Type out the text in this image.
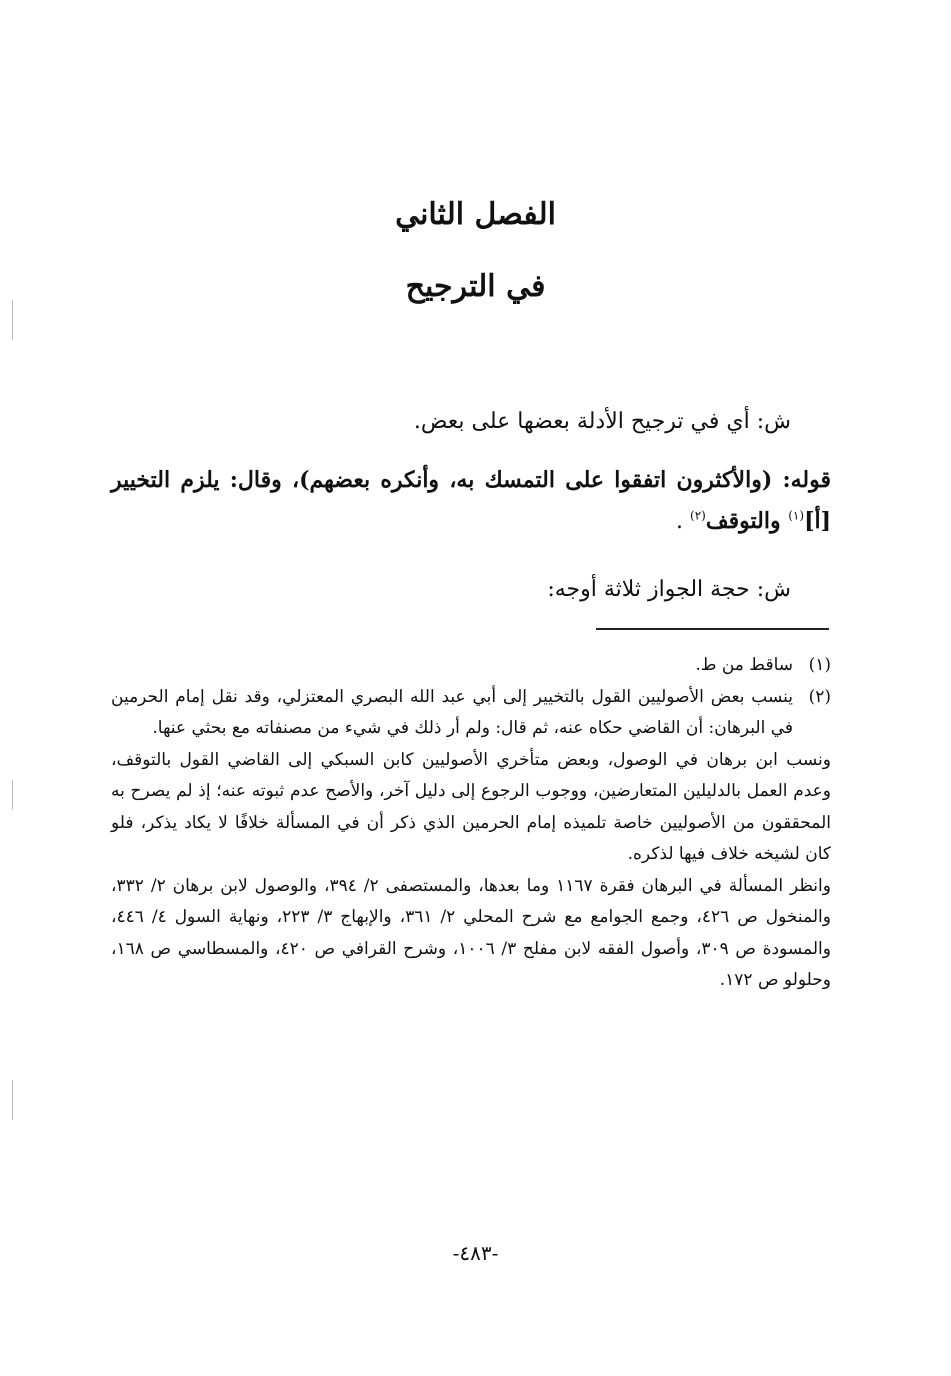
الفصل الثاني
في الترجيح

ش: أي في ترجيح الأدلة بعضها على بعض.

قوله: (والأكثرون اتفقوا على التمسك به، وأنكره بعضهم)، وقال: يلزم التخيير [أ]$^{(١)}$ والتوقف$^{(٢)}$ .

ش: حجة الجواز ثلاثة أوجه:

(١)

ساقط من ط.

(٢)

ينسب بعض الأصوليين القول بالتخيير إلى أبي عبد الله البصري المعتزلي، وقد نقل إمام الحرمين في البرهان: أن القاضي حكاه عنه، ثم قال: ولم أر ذلك في شيء من مصنفاته مع بحثي عنها.

ونسب ابن برهان في الوصول، وبعض متأخري الأصوليين كابن السبكي إلى القاضي القول بالتوقف، وعدم العمل بالدليلين المتعارضين، ووجوب الرجوع إلى دليل آخر، والأصح عدم ثبوته عنه؛ إذ لم يصرح به المحققون من الأصوليين خاصة تلميذه إمام الحرمين الذي ذكر أن في المسألة خلافًا لا يكاد يذكر، فلو كان لشيخه خلاف فيها لذكره.

وانظر المسألة في البرهان فقرة ١١٦٧ وما بعدها، والمستصفى ٢/ ٣٩٤، والوصول لابن برهان ٢/ ٣٣٢، والمنخول ص ٤٢٦، وجمع الجوامع مع شرح المحلي ٢/ ٣٦١، والإبهاج ٣/ ٢٢٣، ونهاية السول ٤/ ٤٤٦، والمسودة ص ٣٠٩، وأصول الفقه لابن مفلح ٣/ ١٠٠٦، وشرح القرافي ص ٤٢٠، والمسطاسي ص ١٦٨، وحلولو ص ١٧٢.

-٤٨٣-
